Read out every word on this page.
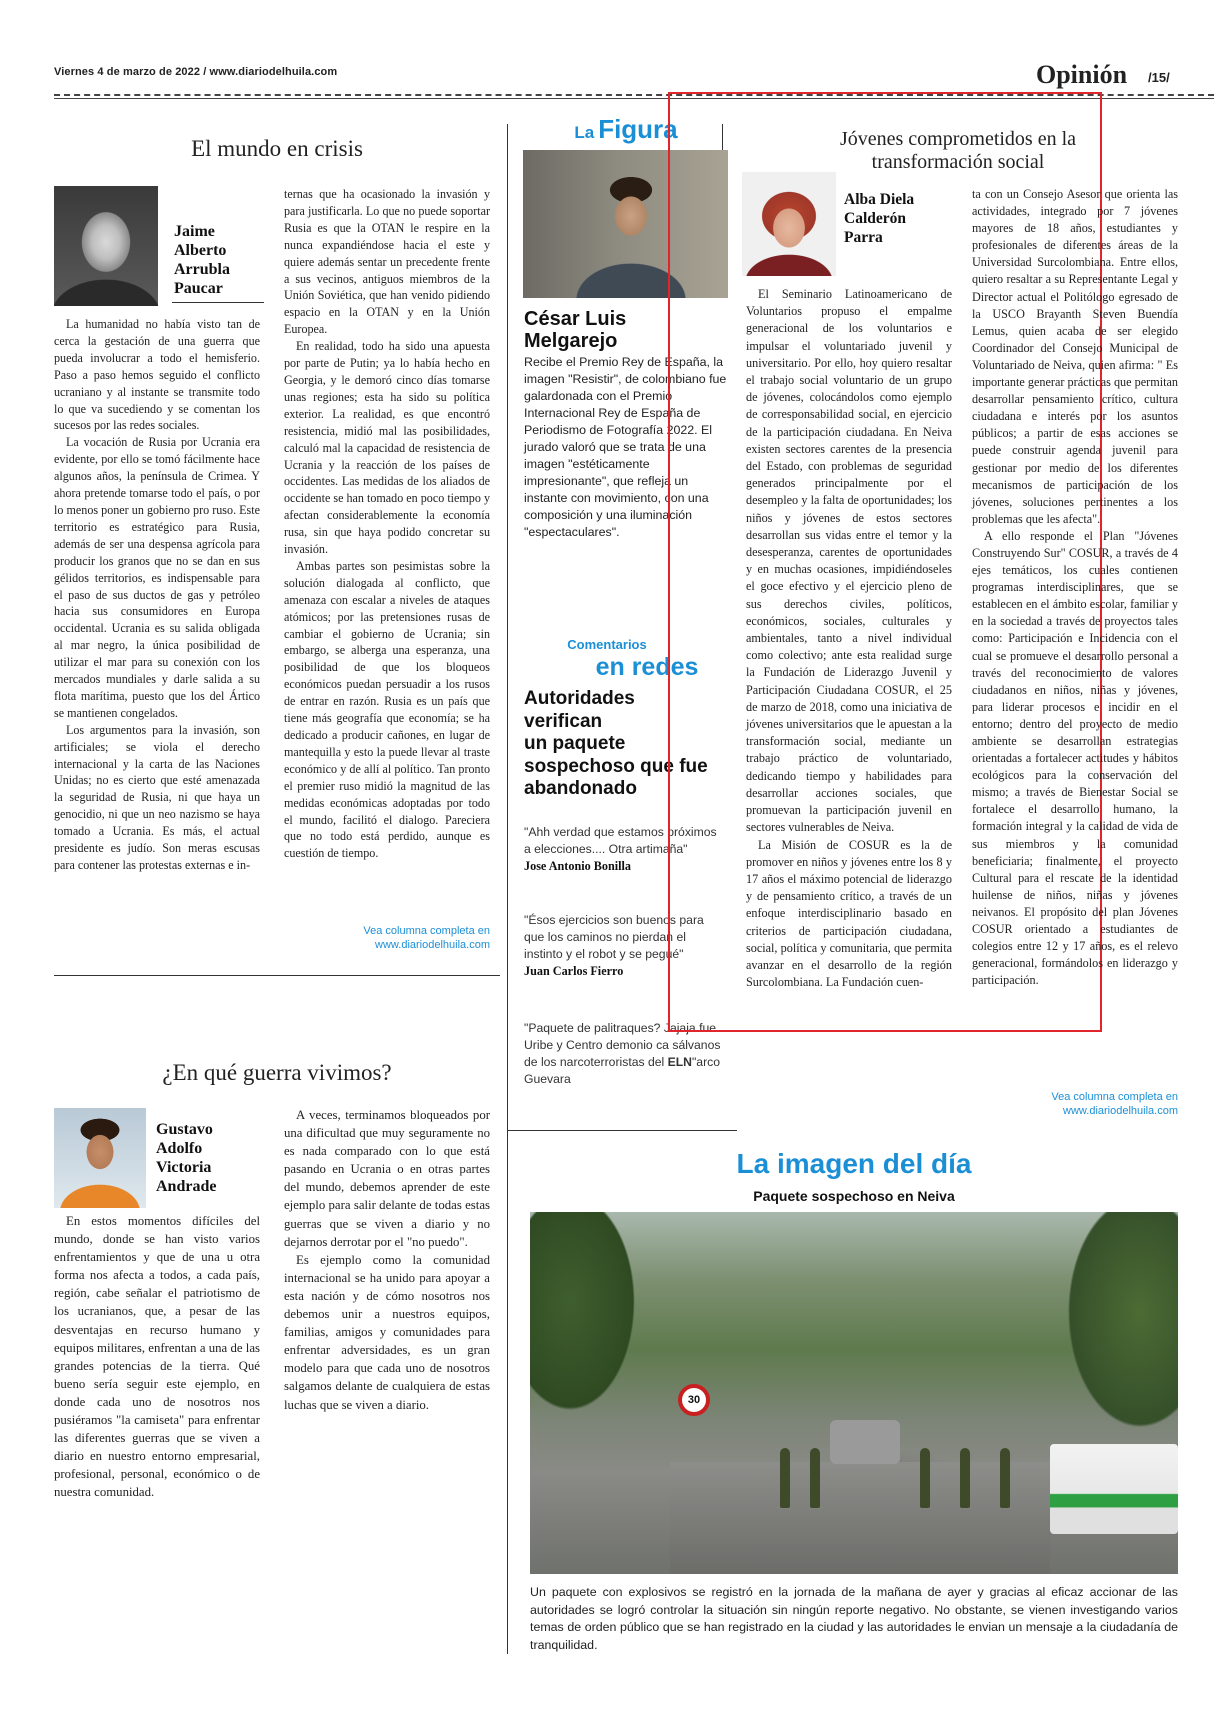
Viernes 4 de marzo de 2022 / www.diariodelhuila.com	Opinión /15/
El mundo en crisis
Jaime
Alberto
Arrubla
Paucar

La humanidad no había visto tan de cerca la gestación de una guerra que pueda involucrar a todo el hemisferio. Paso a paso hemos seguido el conflicto ucraniano y al instante se transmite todo lo que va sucediendo y se comentan los sucesos por las redes sociales.

La vocación de Rusia por Ucrania era evidente, por ello se tomó fácilmente hace algunos años, la península de Crimea. Y ahora pretende tomarse todo el país, o por lo menos poner un gobierno pro ruso. Este territorio es estratégico para Rusia, además de ser una despensa agrícola para producir los granos que no se dan en sus gélidos territorios, es indispensable para el paso de sus ductos de gas y petróleo hacia sus consumidores en Europa occidental. Ucrania es su salida obligada al mar negro, la única posibilidad de utilizar el mar para su conexión con los mercados mundiales y darle salida a su flota marítima, puesto que los del Ártico se mantienen congelados.

Los argumentos para la invasión, son artificiales; se viola el derecho internacional y la carta de las Naciones Unidas; no es cierto que esté amenazada la seguridad de Rusia, ni que haya un genocidio, ni que un neo nazismo se haya tomado a Ucrania. Es más, el actual presidente es judío. Son meras escusas para contener las protestas externas e in-

ternas que ha ocasionado la invasión y para justificarla. Lo que no puede soportar Rusia es que la OTAN le respire en la nunca expandiéndose hacia el este y quiere además sentar un precedente frente a sus vecinos, antiguos miembros de la Unión Soviética, que han venido pidiendo espacio en la OTAN y en la Unión Europea.

En realidad, todo ha sido una apuesta por parte de Putin; ya lo había hecho en Georgia, y le demoró cinco días tomarse unas regiones; esta ha sido su política exterior. La realidad, es que encontró resistencia, midió mal las posibilidades, calculó mal la capacidad de resistencia de Ucrania y la reacción de los países de occidentes. Las medidas de los aliados de occidente se han tomado en poco tiempo y afectan considerablemente la economía rusa, sin que haya podido concretar su invasión.

Ambas partes son pesimistas sobre la solución dialogada al conflicto, que amenaza con escalar a niveles de ataques atómicos; por las pretensiones rusas de cambiar el gobierno de Ucrania; sin embargo, se alberga una esperanza, una posibilidad de que los bloqueos económicos puedan persuadir a los rusos de entrar en razón. Rusia es un país que tiene más geografía que economía; se ha dedicado a producir cañones, en lugar de mantequilla y esto la puede llevar al traste económico y de allí al político. Tan pronto el premier ruso midió la magnitud de las medidas económicas adoptadas por todo el mundo, facilitó el dialogo. Pareciera que no todo está perdido, aunque es cuestión de tiempo.

Vea columna completa en
www.diariodelhuila.com
¿En qué guerra vivimos?
Gustavo
Adolfo
Victoria
Andrade

En estos momentos difíciles del mundo, donde se han visto varios enfrentamientos y que de una u otra forma nos afecta a todos, a cada país, región, cabe señalar el patriotismo de los ucranianos, que, a pesar de las desventajas en recurso humano y equipos militares, enfrentan a una de las grandes potencias de la tierra. Qué bueno sería seguir este ejemplo, en donde cada uno de nosotros nos pusiéramos "la camiseta" para enfrentar las diferentes guerras que se viven a diario en nuestro entorno empresarial, profesional, personal, económico o de nuestra comunidad.

A veces, terminamos bloqueados por una dificultad que muy seguramente no es nada comparado con lo que está pasando en Ucrania o en otras partes del mundo, debemos aprender de este ejemplo para salir delante de todas estas guerras que se viven a diario y no dejarnos derrotar por el "no puedo".

Es ejemplo como la comunidad internacional se ha unido para apoyar a esta nación y de cómo nosotros nos debemos unir a nuestros equipos, familias, amigos y comunidades para enfrentar adversidades, es un gran modelo para que cada uno de nosotros salgamos delante de cualquiera de estas luchas que se viven a diario.

La Figura
César Luis
Melgarejo
Recibe el Premio Rey de España, la imagen "Resistir", de colombiano fue galardonada con el Premio Internacional Rey de España de Periodismo de Fotografía 2022. El jurado valoró que se trata de una imagen "estéticamente impresionante", que refleja un instante con movimiento, con una composición y una iluminación "espectaculares".
Comentarios
en redes
Autoridades
verifican
un paquete
sospechoso que fue
abandonado
"Ahh verdad que estamos próximos a elecciones.... Otra artimaña"
Jose Antonio Bonilla
"Ésos ejercicios son buenos para que los caminos no pierdan el instinto y el robot y se pegué"
Juan Carlos Fierro
"Paquete de palitraques? Jajaja fue Uribe y Centro demonio ca sálvanos de los narcoterroristas del ELN"arco Guevara
Jóvenes comprometidos en la
transformación social
Alba Diela
Calderón
Parra

El Seminario Latinoamericano de Voluntarios propuso el empalme generacional de los voluntarios e impulsar el voluntariado juvenil y universitario. Por ello, hoy quiero resaltar el trabajo social voluntario de un grupo de jóvenes, colocándolos como ejemplo de corresponsabilidad social, en ejercicio de la participación ciudadana. En Neiva existen sectores carentes de la presencia del Estado, con problemas de seguridad generados principalmente por el desempleo y la falta de oportunidades; los niños y jóvenes de estos sectores desarrollan sus vidas entre el temor y la desesperanza, carentes de oportunidades y en muchas ocasiones, impidiéndoseles el goce efectivo y el ejercicio pleno de sus derechos civiles, políticos, económicos, sociales, culturales y ambientales, tanto a nivel individual como colectivo; ante esta realidad surge la Fundación de Liderazgo Juvenil y Participación Ciudadana COSUR, el 25 de marzo de 2018, como una iniciativa de jóvenes universitarios que le apuestan a la transformación social, mediante un trabajo práctico de voluntariado, dedicando tiempo y habilidades para desarrollar acciones sociales, que promuevan la participación juvenil en sectores vulnerables de Neiva.

La Misión de COSUR es la de promover en niños y jóvenes entre los 8 y 17 años el máximo potencial de liderazgo y de pensamiento crítico, a través de un enfoque interdisciplinario basado en criterios de participación ciudadana, social, política y comunitaria, que permita avanzar en el desarrollo de la región Surcolombiana. La Fundación cuen-

ta con un Consejo Asesor que orienta las actividades, integrado por 7 jóvenes mayores de 18 años, estudiantes y profesionales de diferentes áreas de la Universidad Surcolombiana. Entre ellos, quiero resaltar a su Representante Legal y Director actual el Politólogo egresado de la USCO Brayanth Steven Buendía Lemus, quien acaba de ser elegido Coordinador del Consejo Municipal de Voluntariado de Neiva, quien afirma: " Es importante generar prácticas que permitan desarrollar pensamiento crítico, cultura ciudadana e interés por los asuntos públicos; a partir de esas acciones se puede construir agenda juvenil para gestionar por medio de los diferentes mecanismos de participación de los jóvenes, soluciones pertinentes a los problemas que les afecta".

A ello responde el Plan "Jóvenes Construyendo Sur" COSUR, a través de 4 ejes temáticos, los cuales contienen programas interdisciplinares, que se establecen en el ámbito escolar, familiar y en la sociedad a través de proyectos tales como: Participación e Incidencia con el cual se promueve el desarrollo personal a través del reconocimiento de valores ciudadanos en niños, niñas y jóvenes, para liderar procesos e incidir en el entorno; dentro del proyecto de medio ambiente se desarrollan estrategias orientadas a fortalecer actitudes y hábitos ecológicos para la conservación del mismo; a través de Bienestar Social se fortalece el desarrollo humano, la formación integral y la calidad de vida de sus miembros y la comunidad beneficiaria; finalmente, el proyecto Cultural para el rescate de la identidad huilense de niños, niñas y jóvenes neivanos. El propósito del plan Jóvenes COSUR orientado a estudiantes de colegios entre 12 y 17 años, es el relevo generacional, formándolos en liderazgo y participación.

Vea columna completa en
www.diariodelhuila.com
La imagen del día
Paquete sospechoso en Neiva
30
Un paquete con explosivos se registró en la jornada de la mañana de ayer y gracias al eficaz accionar de las autoridades se logró controlar la situación sin ningún reporte negativo. No obstante, se vienen investigando varios temas de orden público que se han registrado en la ciudad y las autoridades le envian un mensaje a la ciudadanía de tranquilidad.
